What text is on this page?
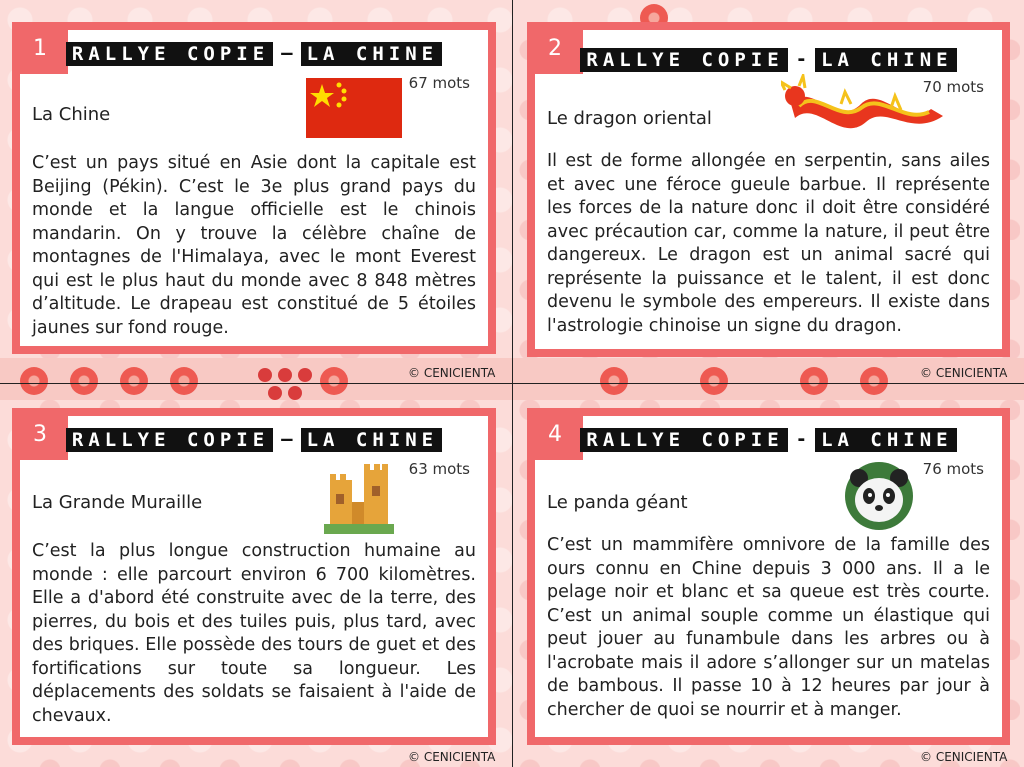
1	RALLYE COPIE — LA CHINE
67 mots
La Chine
C’est un pays situé en Asie dont la capitale est Beijing (Pékin). C’est le 3e plus grand pays du monde et la langue officielle est le chinois mandarin. On y trouve la célèbre chaîne de montagnes de l'Himalaya, avec le mont Everest qui est le plus haut du monde avec 8 848 mètres d’altitude. Le drapeau est constitué de 5 étoiles jaunes sur fond rouge.
2	RALLYE COPIE - LA CHINE
70 mots
Le dragon oriental
Il est de forme allongée en serpentin, sans ailes et avec une féroce gueule barbue. Il représente les forces de la nature donc il doit être considéré avec précaution car, comme la nature, il peut être dangereux. Le dragon est un animal sacré qui représente la puissance et le talent, il est donc devenu le symbole des empereurs. Il existe dans l'astrologie chinoise un signe du dragon.
3	RALLYE COPIE — LA CHINE
63 mots
La Grande Muraille
C’est la plus longue construction humaine au monde : elle parcourt environ 6 700 kilomètres. Elle a d'abord été construite avec de la terre, des pierres, du bois et des tuiles puis, plus tard, avec des briques. Elle possède des tours de guet et des fortifications sur toute sa longueur. Les déplacements des soldats se faisaient à l'aide de chevaux.
4	RALLYE COPIE - LA CHINE
76 mots
Le panda géant
C’est un mammifère omnivore de la famille des ours connu en Chine depuis 3 000 ans. Il a le pelage noir et blanc et sa queue est très courte. C’est un animal souple comme un élastique qui peut jouer au funambule dans les arbres ou à l'acrobate mais il adore s’allonger sur un matelas de bambous. Il passe 10 à 12 heures par jour à chercher de quoi se nourrir et à manger.
© CENICIENTA	© CENICIENTA
© CENICIENTA	© CENICIENTA
